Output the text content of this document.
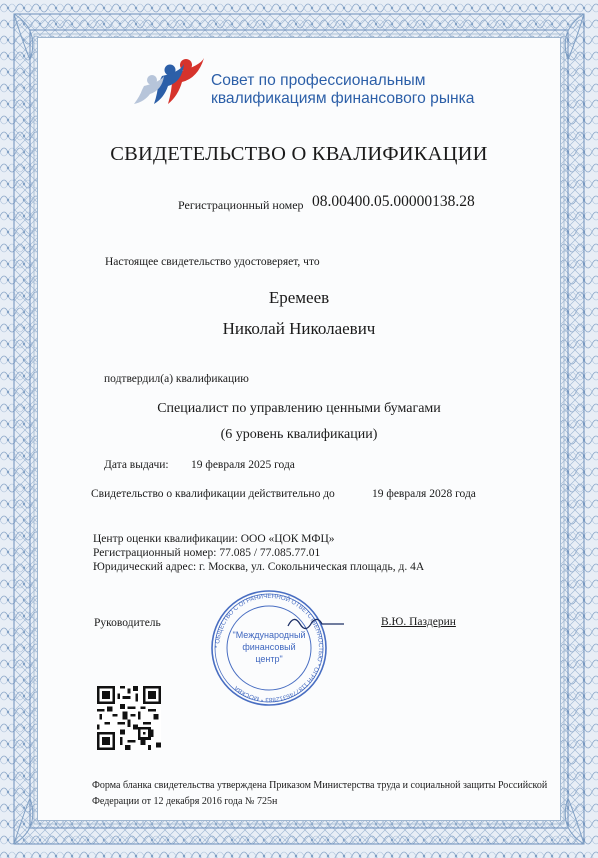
Совет по профессиональным
квалификациям финансового рынка
СВИДЕТЕЛЬСТВО О КВАЛИФИКАЦИИ
Регистрационный номер 08.00400.05.00000138.28
Настоящее свидетельство удостоверяет, что
Еремеев
Николай Николаевич
подтвердил(а) квалификацию
Специалист по управлению ценными бумагами
(6 уровень квалификации)
Дата выдачи: 19 февраля 2025 года
Свидетельство о квалификации действительно до	19 февраля 2028 года
Центр оценки квалификации: ООО «ЦОК МФЦ»
Регистрационный номер: 77.085 / 77.085.77.01
Юридический адрес: г. Москва, ул. Сокольническая площадь, д. 4А
* ОБЩЕСТВО С ОГРАНИЧЕННОЙ ОТВЕТСТВЕННОСТЬЮ * ОГРН 1187746312883 * МОСКВА
"Международный
финансовый
центр"
Руководитель	В.Ю. Паздерин
Форма бланка свидетельства утверждена Приказом Министерства труда и социальной защиты Российской
Федерации от 12 декабря 2016 года № 725н
